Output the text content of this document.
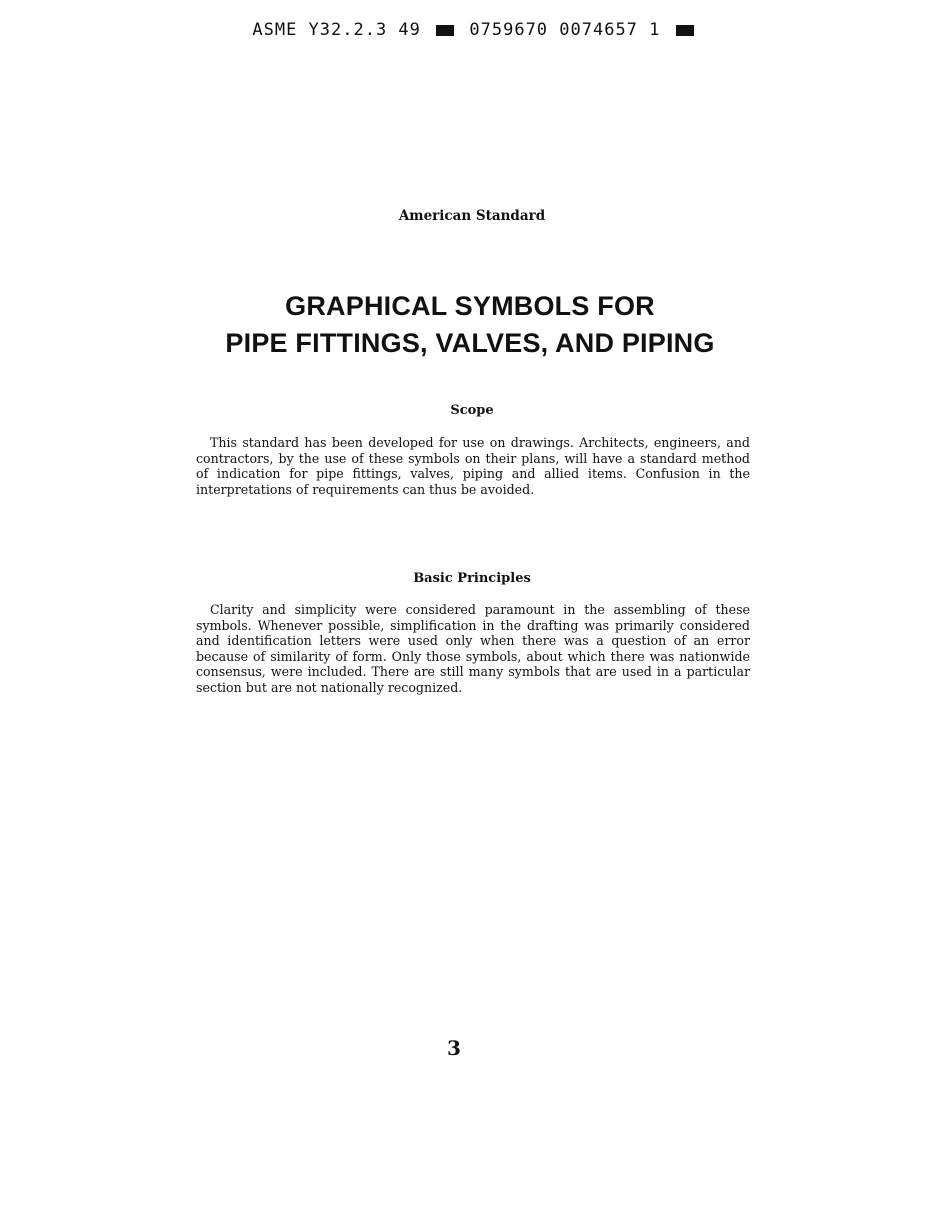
ASME Y32.2.3 49	0759670 0074657 1
American Standard
GRAPHICAL SYMBOLS FOR
PIPE FITTINGS, VALVES, AND PIPING
Scope

This standard has been developed for use on drawings. Architects, engineers, and contractors, by the use of these symbols on their plans, will have a standard method of indication for pipe fittings, valves, piping and allied items. Confusion in the interpretations of requirements can thus be avoided.

Basic Principles

Clarity and simplicity were considered paramount in the assembling of these symbols. Whenever possible, simplification in the drafting was primarily considered and identification letters were used only when there was a question of an error because of similarity of form. Only those symbols, about which there was nationwide consensus, were included. There are still many symbols that are used in a particular section but are not nationally recognized.

3
